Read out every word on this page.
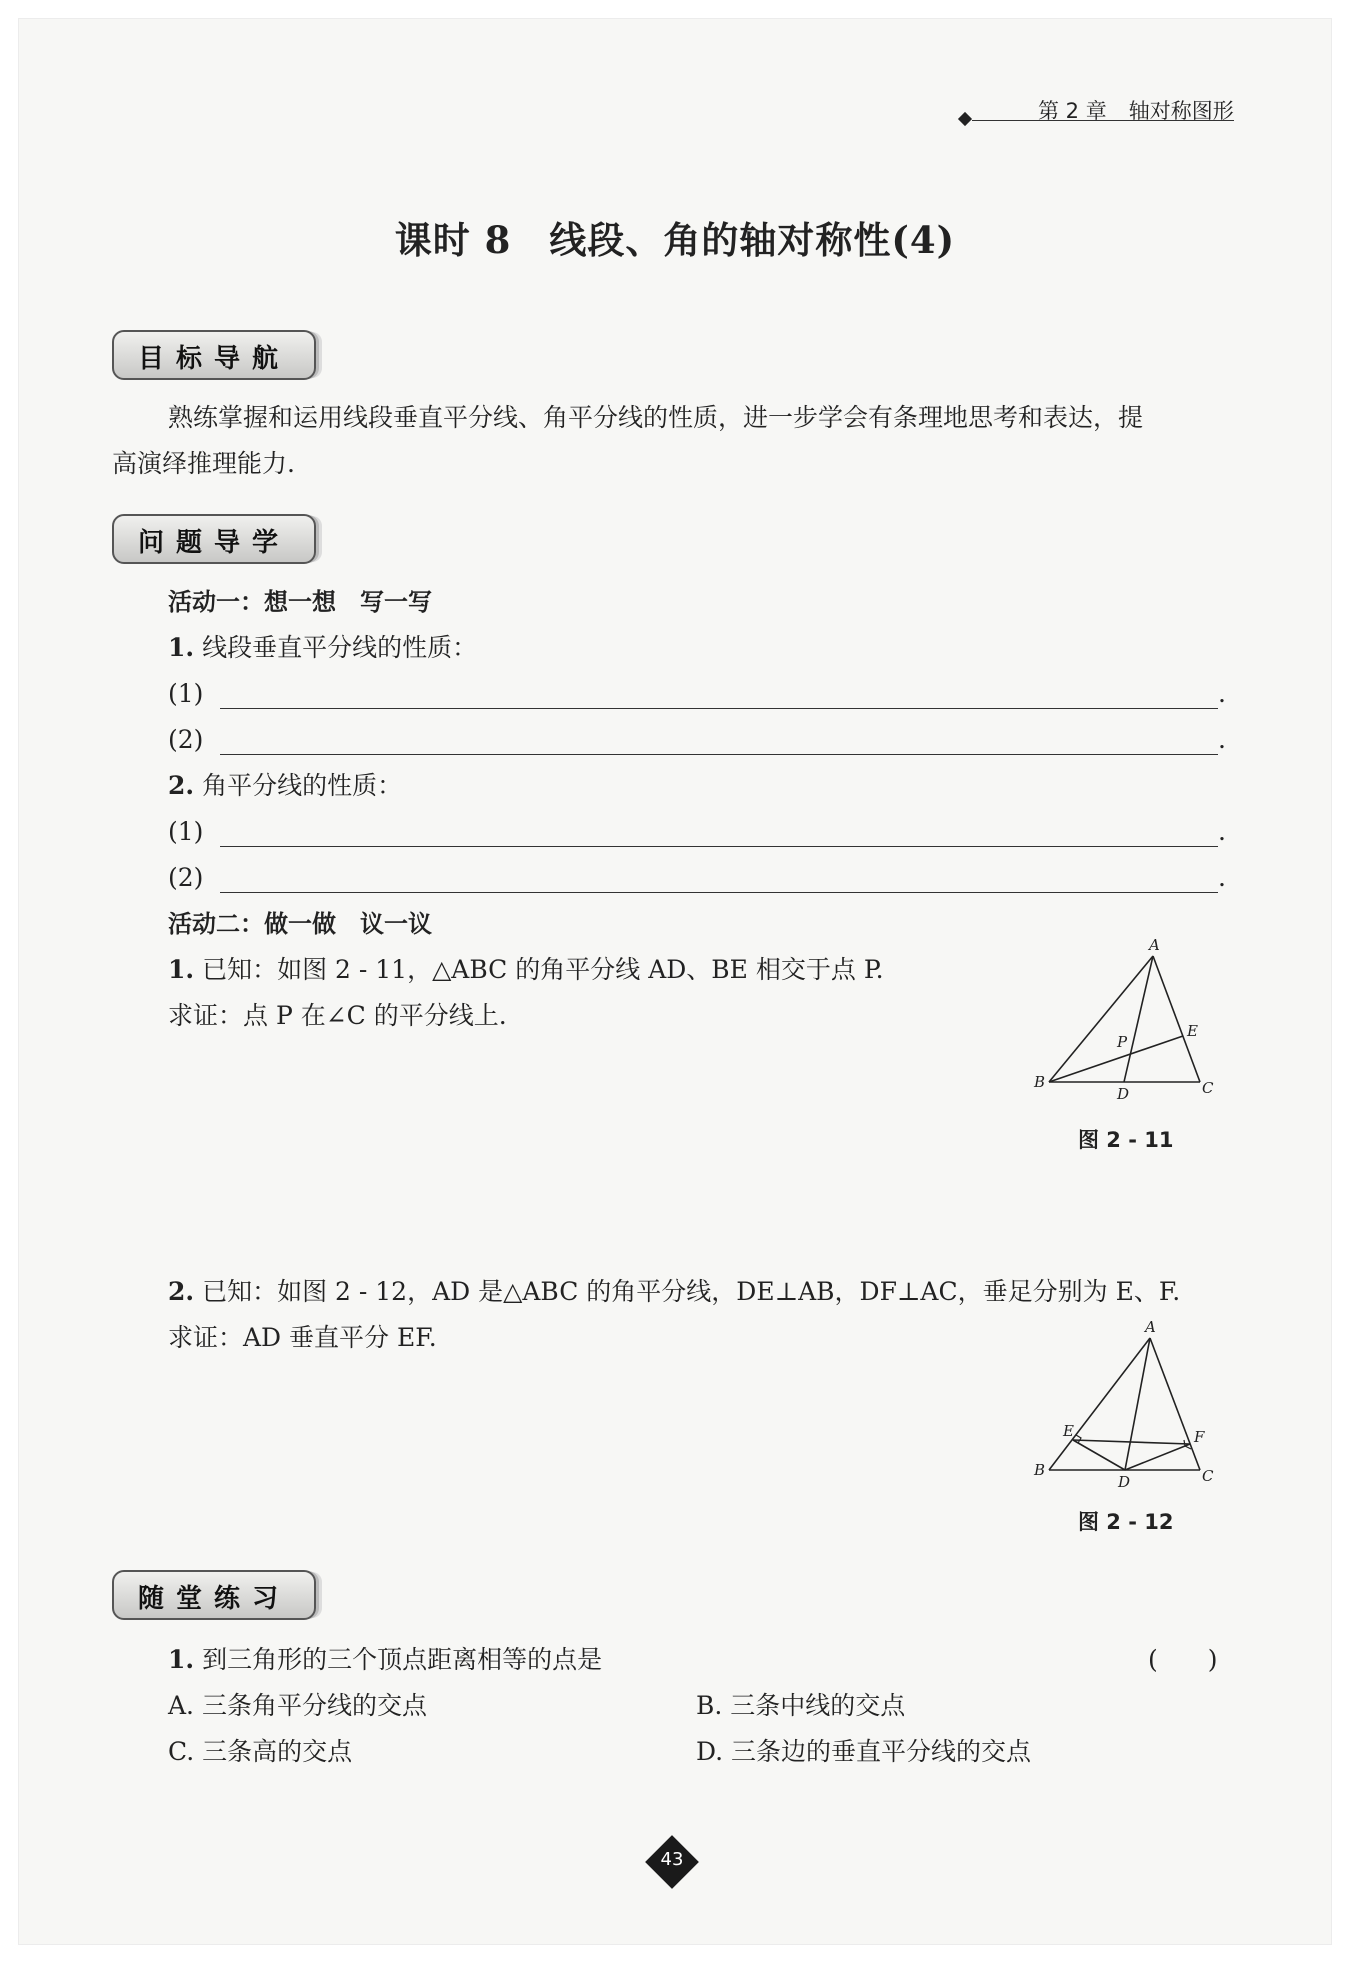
第 2 章 轴对称图形
课时 8　线段、角的轴对称性(4)
目标导航
熟练掌握和运用线段垂直平分线、角平分线的性质，进一步学会有条理地思考和表达，提
高演绎推理能力.
问题导学
活动一：想一想　写一写
1. 线段垂直平分线的性质：
(1)	.
(2)	.
2. 角平分线的性质：
(1)	.
(2)	.
活动二：做一做　议一议
1. 已知：如图 2 - 11，△ABC 的角平分线 AD、BE 相交于点 P.
求证：点 P 在∠C 的平分线上.
A
B	C
D
E
P
图 2 - 11
2. 已知：如图 2 - 12，AD 是△ABC 的角平分线，DE⊥AB，DF⊥AC，垂足分别为 E、F.
求证：AD 垂直平分 EF.	A
B	C
D
E	F
图 2 - 12
随堂练习
1. 到三角形的三个顶点距离相等的点是	(　　)
A. 三条角平分线的交点	B. 三条中线的交点
C. 三条高的交点	D. 三条边的垂直平分线的交点
43
